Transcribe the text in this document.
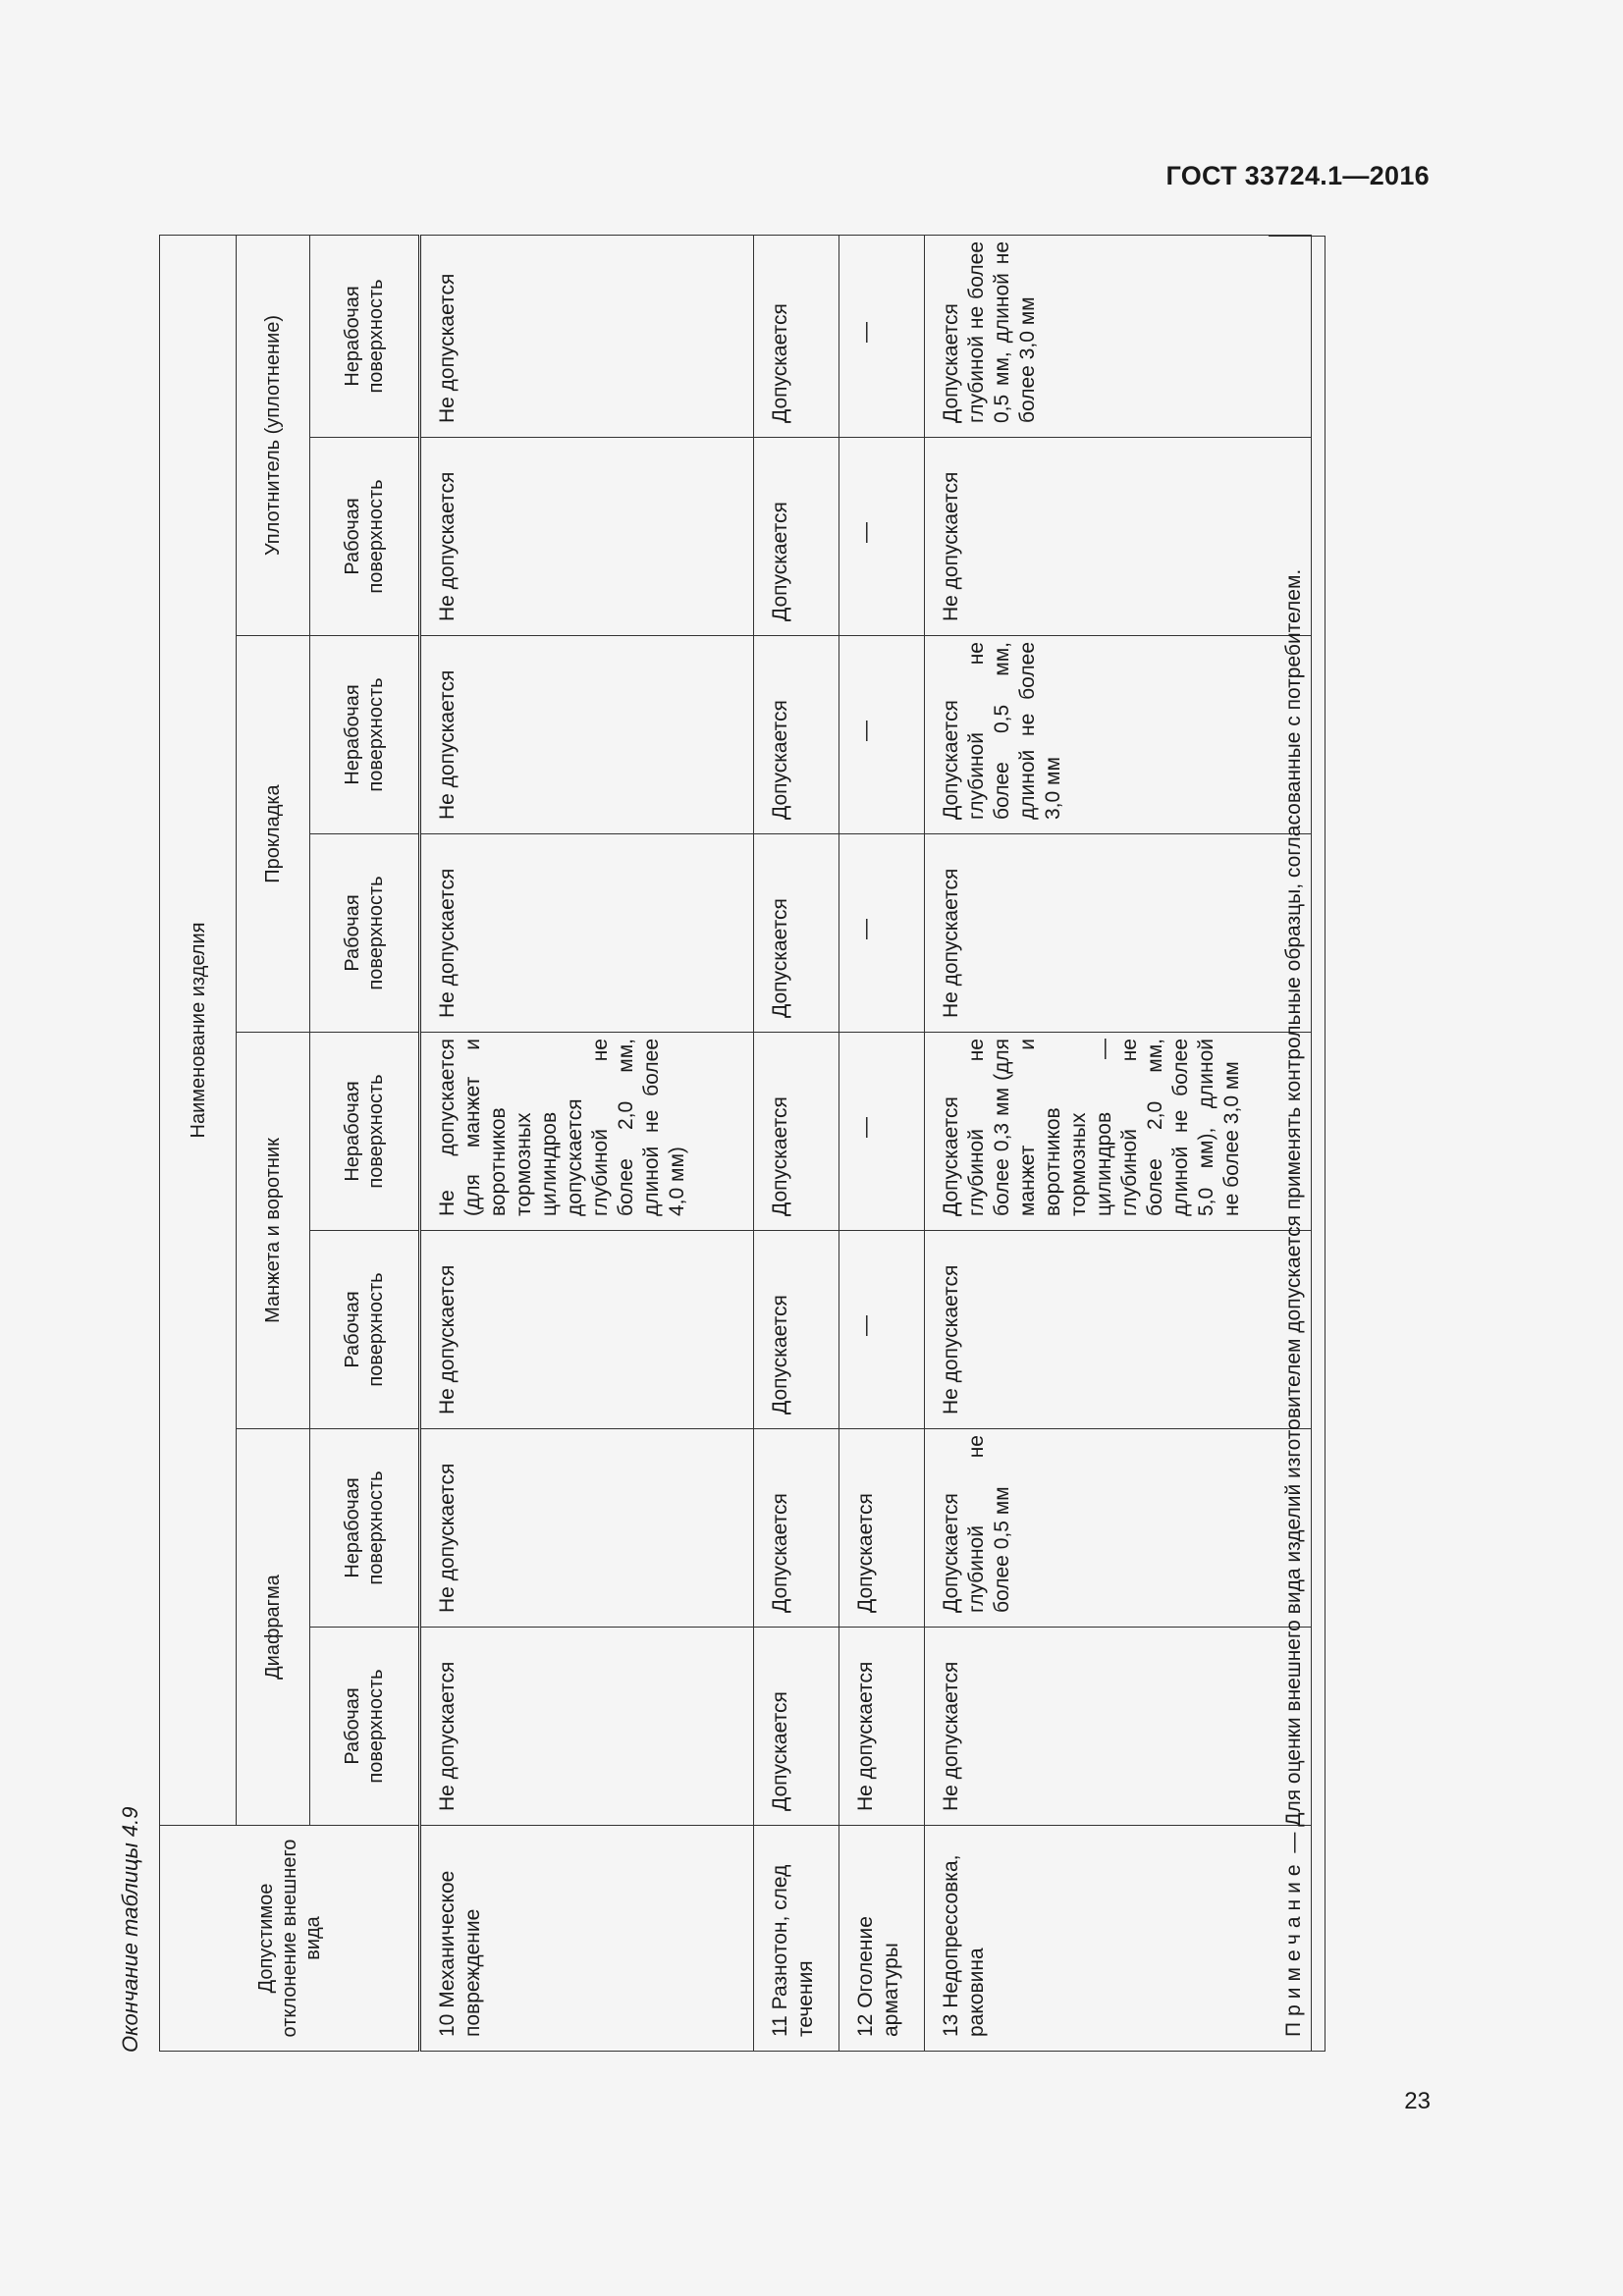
ГОСТ 33724.1—2016
Окончание таблицы 4.9	Допустимое отклонение внешнего вида	Наименование изделия							
	Диафрагма		Манжета и воротник		Прокладка		Уплотнитель (уплотнение)	
	Рабочая поверхность	Нерабочая поверхность	Рабочая поверхность	Нерабочая поверхность	Рабочая поверхность	Нерабочая поверхность	Рабочая поверхность	Нерабочая поверхность
10 Механическое повреждение	Не допускается	Не допускается	Не допускается	Не допускается (для манжет и воротников тормозных цилиндров допускается глубиной не более 2,0 мм, длиной не более 4,0 мм)	Не допускается	Не допускается	Не допускается	Не допускается
11 Разнотон, след течения	Допускается	Допускается	Допускается	Допускается	Допускается	Допускается	Допускается	Допускается
12 Оголение арматуры	Не допускается	Допускается	—	—	—	—	—	—
13 Недопрессовка, раковина	Не допускается	Допускается глубиной не более 0,5 мм	Не допускается	Допускается глубиной не более 0,3 мм (для манжет и воротников тормозных цилиндров — глубиной не более 2,0 мм, длиной не более 5,0 мм), длиной не более 3,0 мм	Не допускается	Допускается глубиной не более 0,5 мм, длиной не более 3,0 мм	Не допускается	Допускается глубиной не более 0,5 мм, длиной не более 3,0 мм
Примечание — Для оценки внешнего вида изделий изготовителем допускается применять контрольные образцы, согласованные с потребителем.
23
